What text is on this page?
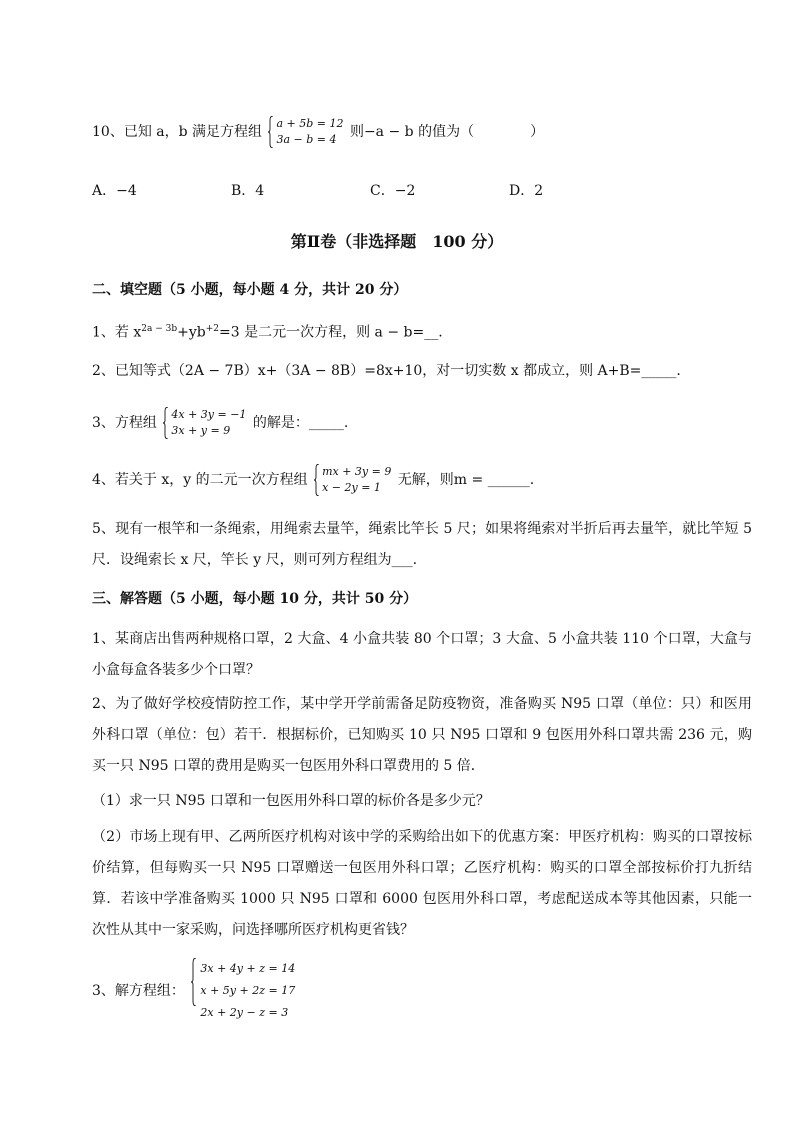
10、已知 a，b 满足方程组
a + 5b = 12
3a − b = 4 则−a − b 的值为（　　　　）
A．−4	B．4	C．−2	D．2
第Ⅱ卷（非选择题　100 分）
二、填空题（5 小题，每小题 4 分，共计 20 分）
1、若 $x^{2a - 3b}+yb^{+2}=3$ 是二元一次方程，则 a − b=__.
2、已知等式（2A − 7B）x+（3A − 8B）=8x+10，对一切实数 x 都成立，则 A+B=_____.
3、方程组
4x + 3y = −1
3x + y = 9	的解是：_____.
4、若关于 x，y 的二元一次方程组
mx + 3y = 9
x − 2y = 1	无解，则m = ______.
5、现有一根竿和一条绳索，用绳索去量竿，绳索比竿长 5 尺；如果将绳索对半折后再去量竿，就比竿短 5 尺．设绳索长 x 尺，竿长 y 尺，则可列方程组为___.
三、解答题（5 小题，每小题 10 分，共计 50 分）
1、某商店出售两种规格口罩，2 大盒、4 小盒共装 80 个口罩；3 大盒、5 小盒共装 110 个口罩，大盒与小盒每盒各装多少个口罩？
2、为了做好学校疫情防控工作，某中学开学前需备足防疫物资，准备购买 N95 口罩（单位：只）和医用外科口罩（单位：包）若干．根据标价，已知购买 10 只 N95 口罩和 9 包医用外科口罩共需 236 元，购买一只 N95 口罩的费用是购买一包医用外科口罩费用的 5 倍．
（1）求一只 N95 口罩和一包医用外科口罩的标价各是多少元？
（2）市场上现有甲、乙两所医疗机构对该中学的采购给出如下的优惠方案：甲医疗机构：购买的口罩按标价结算，但每购买一只 N95 口罩赠送一包医用外科口罩；乙医疗机构：购买的口罩全部按标价打九折结算．若该中学准备购买 1000 只 N95 口罩和 6000 包医用外科口罩，考虑配送成本等其他因素，只能一次性从其中一家采购，问选择哪所医疗机构更省钱？
3、解方程组：
3x + 4y + z = 14
x + 5y + 2z = 17
2x + 2y − z = 3
